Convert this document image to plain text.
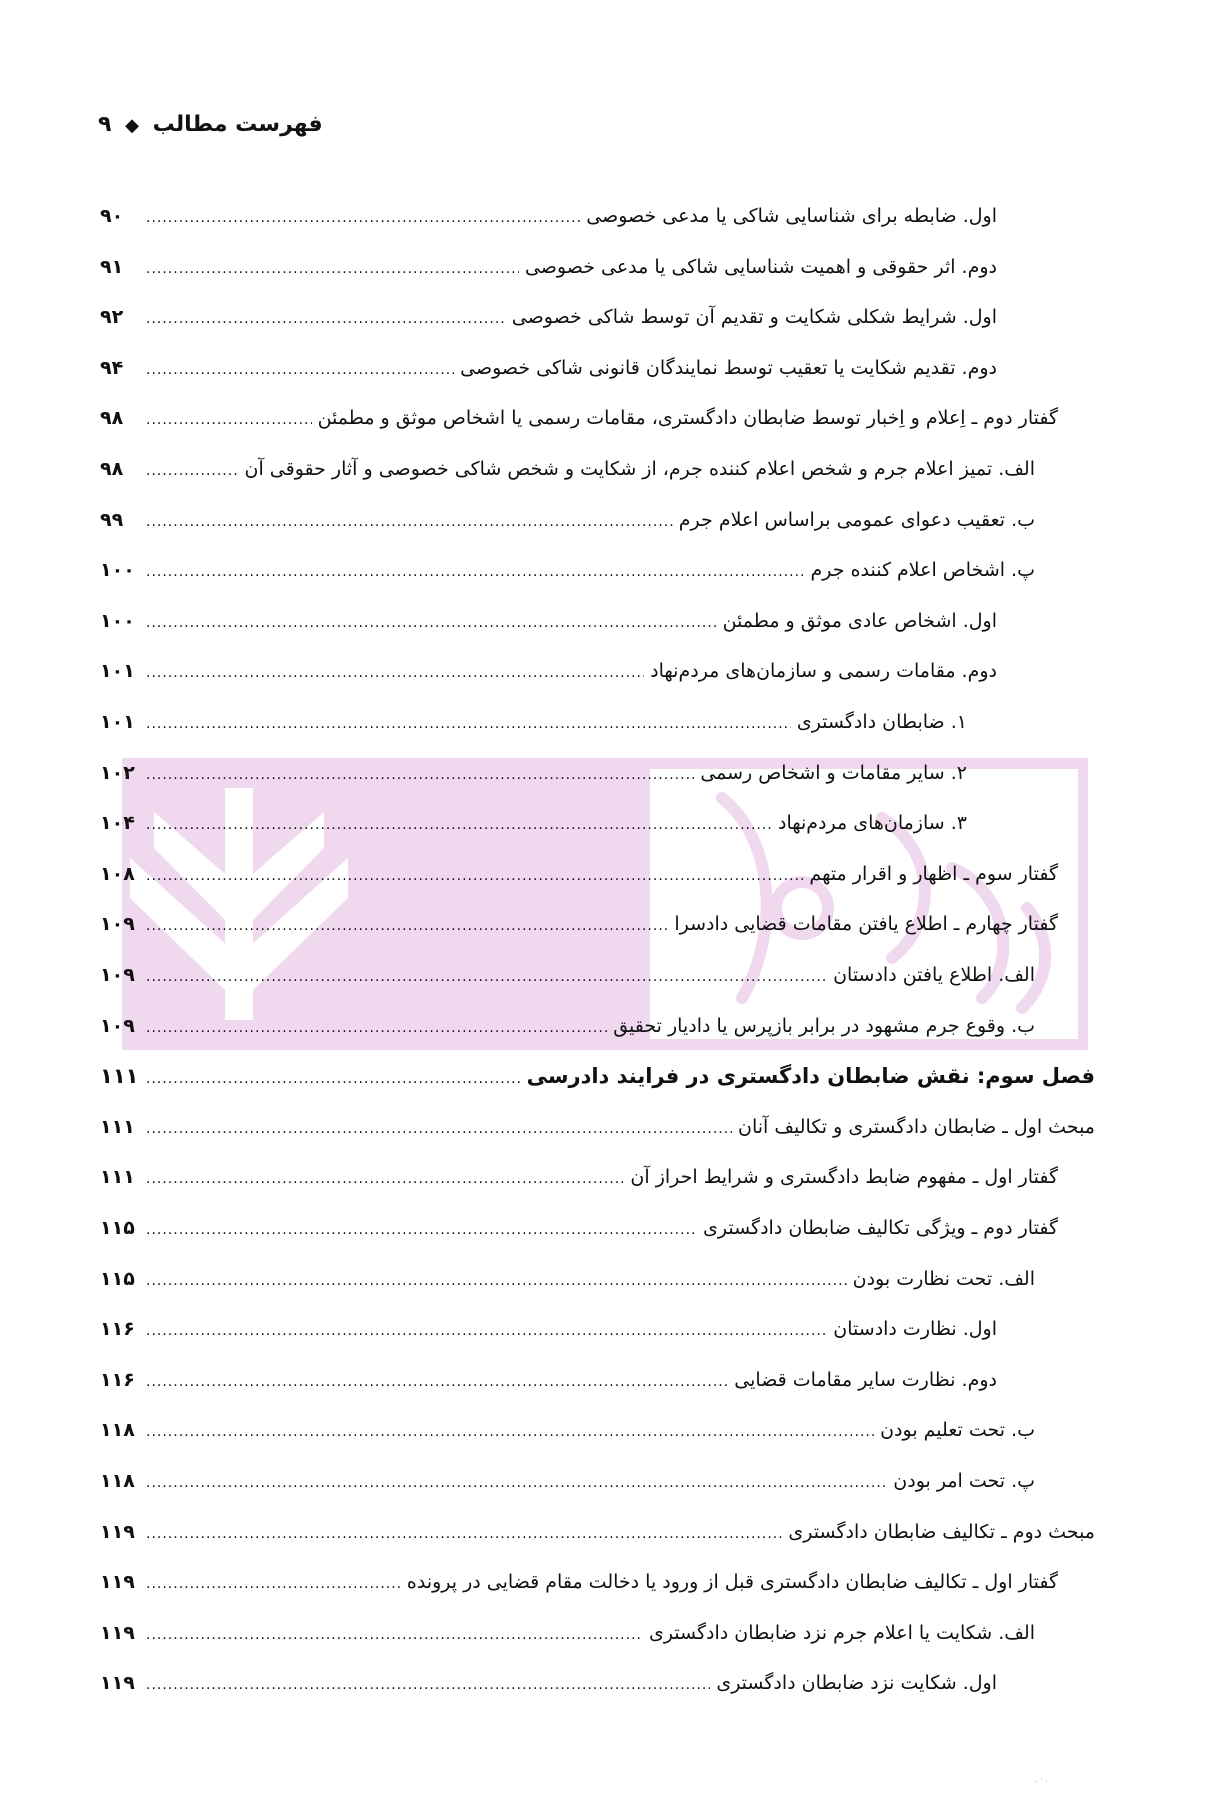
فهرست مطالب ◆ ۹
اول. ضابطه برای شناسایی شاکی یا مدعی خصوصی
.....
۹۰
دوم. اثر حقوقی و اهمیت شناسایی شاکی یا مدعی خصوصی
.....
۹۱
اول. شرایط شکلی شکایت و تقدیم آن توسط شاکی خصوصی
.....
۹۲
دوم. تقدیم شکایت یا تعقیب توسط نمایندگان قانونی شاکی خصوصی
.....
۹۴
گفتار دوم ـ اِعلام و اِخبار توسط ضابطان دادگستری، مقامات رسمی یا اشخاص موثق و مطمئن
.....
۹۸
الف. تمیز اعلام جرم و شخص اعلام کننده جرم، از شکایت و شخص شاکی خصوصی و آثار حقوقی آن
.....
۹۸
ب. تعقیب دعوای عمومی براساس اعلام جرم
.....
۹۹
پ. اشخاص اعلام کننده جرم
.....
۱۰۰
اول. اشخاص عادی موثق و مطمئن
.....
۱۰۰
دوم. مقامات رسمی و سازمان‌های مردم‌نهاد
.....
۱۰۱
۱. ضابطان دادگستری
.....
۱۰۱
۲. سایر مقامات و اشخاص رسمی
.....
۱۰۲
۳. سازمان‌های مردم‌نهاد
.....
۱۰۴
گفتار سوم ـ اظهار و اقرار متهم
.....
۱۰۸
گفتار چهارم ـ اطلاع یافتن مقامات قضایی دادسرا
.....
۱۰۹
الف. اطلاع یافتن دادستان
.....
۱۰۹
ب. وقوع جرم مشهود در برابر بازپرس یا دادیار تحقیق
.....
۱۰۹
فصل سوم: نقش ضابطان دادگستری در فرایند دادرسی
.....
۱۱۱
مبحث اول ـ ضابطان دادگستری و تکالیف آنان
.....
۱۱۱
گفتار اول ـ مفهوم ضابط دادگستری و شرایط احراز آن
.....
۱۱۱
گفتار دوم ـ ویژگی تکالیف ضابطان دادگستری
.....
۱۱۵
الف. تحت نظارت بودن
.....
۱۱۵
اول. نظارت دادستان
.....
۱۱۶
دوم. نظارت سایر مقامات قضایی
.....
۱۱۶
ب. تحت تعلیم بودن
.....
۱۱۸
پ. تحت امر بودن
.....
۱۱۸
مبحث دوم ـ تکالیف ضابطان دادگستری
.....
۱۱۹
گفتار اول ـ تکالیف ضابطان دادگستری قبل از ورود یا دخالت مقام قضایی در پرونده
.....
۱۱۹
الف. شکایت یا اعلام جرم نزد ضابطان دادگستری
.....
۱۱۹
اول. شکایت نزد ضابطان دادگستری
.....
۱۱۹
. · .
